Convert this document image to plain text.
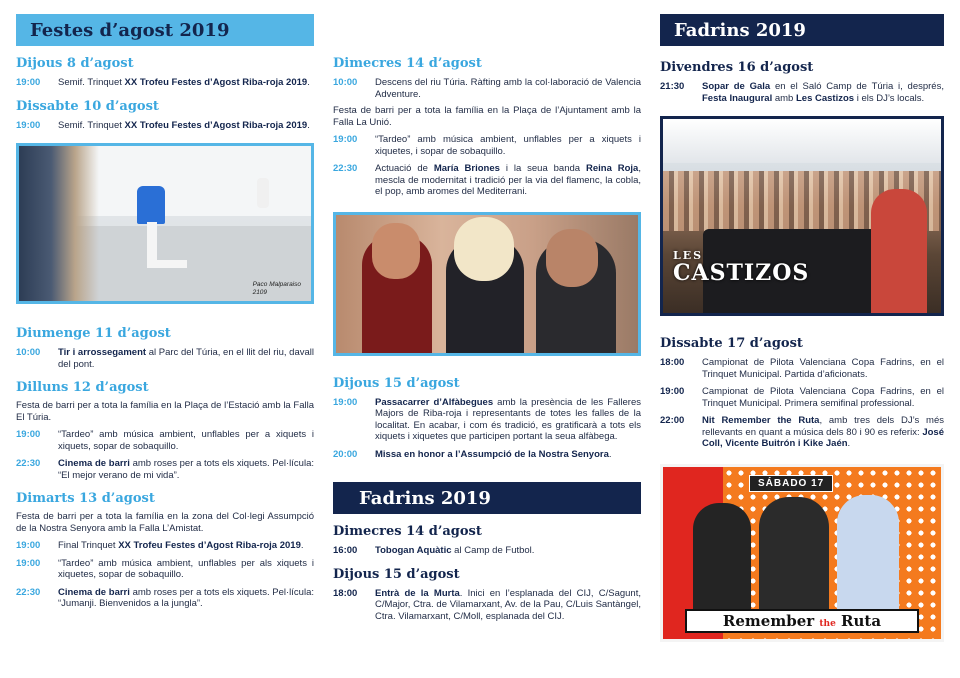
Festes d’agost 2019
Dijous 8 d’agost
19:00	Semif. Trinquet XX Trofeu Festes d’Agost Riba-roja 2019.
Dissabte 10 d’agost
19:00	Semif. Trinquet XX Trofeu Festes d’Agost Riba-roja 2019.
Paco Malparaiso
2109
Diumenge 11 d’agost
10:00	Tir i arrossegament al Parc del Túria, en el llit del riu, davall del pont.
Dilluns 12 d’agost
Festa de barri per a tota la família en la Plaça de l’Estació amb la Falla El Túria.
19:00	“Tardeo” amb música ambient, unflables per a xiquets i xiquets, sopar de sobaquillo.
22:30	Cinema de barri amb roses per a tots els xiquets. Pel·lícula: “El mejor verano de mi vida”.
Dimarts 13 d’agost
Festa de barri per a tota la família en la zona del Col·legi Assumpció de la Nostra Senyora amb la Falla L’Amistat.
19:00	Final Trinquet XX Trofeu Festes d’Agost Riba-roja 2019.
19:00	“Tardeo” amb música ambient, unflables per als xiquets i xiquetes, sopar de sobaquillo.
22:30	Cinema de barri amb roses per a tots els xiquets. Pel·lícula: “Jumanji. Bienvenidos a la jungla”.
Dimecres 14 d’agost
10:00	Descens del riu Túria. Ràfting amb la col·laboració de Valencia Adventure.
Festa de barri per a tota la família en la Plaça de l’Ajuntament amb la Falla La Unió.
19:00	“Tardeo” amb música ambient, unflables per a xiquets i xiquetes, i sopar de sobaquillo.
22:30	Actuació de María Briones i la seua banda Reina Roja, mescla de modernitat i tradició per la via del flamenc, la cobla, el pop, amb aromes del Mediterrani.
Dijous 15 d’agost
19:00	Passacarrer d’Alfàbegues amb la presència de les Falleres Majors de Riba-roja i representants de totes les falles de la localitat. En acabar, i com és tradició, es gratificarà a tots els xiquets i xiquetes que participen portant la seua alfàbega.
20:00	Missa en honor a l’Assumpció de la Nostra Senyora.
Fadrins 2019
Dimecres 14 d’agost
16:00	Tobogan Aquàtic al Camp de Futbol.
Dijous 15 d’agost
18:00	Entrà de la Murta. Inici en l’esplanada del CIJ, C/Sagunt, C/Major, Ctra. de Vilamarxant, Av. de la Pau, C/Luis Santàngel, Ctra. Vilamarxant, C/Moll, esplanada del CIJ.
Fadrins 2019
Divendres 16 d’agost
21:30	Sopar de Gala en el Saló Camp de Túria i, després, Festa Inaugural amb Les Castizos i els DJ’s locals.
LES
CASTIZOS
Dissabte 17 d’agost
18:00	Campionat de Pilota Valenciana Copa Fadrins, en el Trinquet Municipal. Partida d’aficionats.
19:00	Campionat de Pilota Valenciana Copa Fadrins, en el Trinquet Municipal. Primera semifinal professional.
22:00	Nit Remember the Ruta, amb tres dels DJ’s més rellevants en quant a música dels 80 i 90 es referix: José Coll, Vicente Buitrón i Kike Jaén.
SÁBADO 17
Remember the Ruta
